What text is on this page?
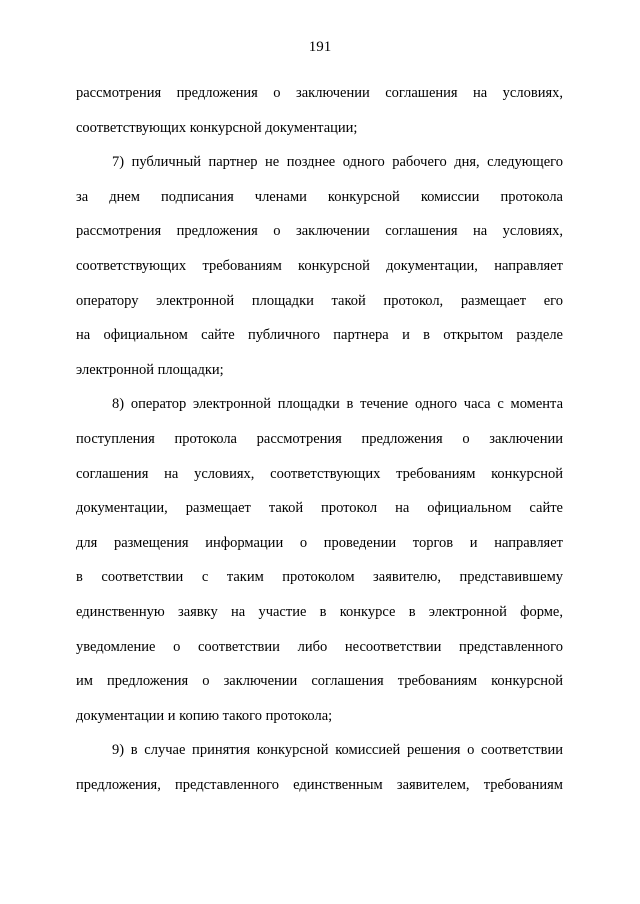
191
рассмотрения предложения о заключении соглашения на условиях,
соответствующих конкурсной документации;
7) публичный партнер не позднее одного рабочего дня, следующего
за днем подписания членами конкурсной комиссии протокола
рассмотрения предложения о заключении соглашения на условиях,
соответствующих требованиям конкурсной документации, направляет
оператору электронной площадки такой протокол, размещает его
на официальном сайте публичного партнера и в открытом разделе
электронной площадки;
8) оператор электронной площадки в течение одного часа с момента
поступления протокола рассмотрения предложения о заключении
соглашения на условиях, соответствующих требованиям конкурсной
документации, размещает такой протокол на официальном сайте
для размещения информации о проведении торгов и направляет
в соответствии с таким протоколом заявителю, представившему
единственную заявку на участие в конкурсе в электронной форме,
уведомление о соответствии либо несоответствии представленного
им предложения о заключении соглашения требованиям конкурсной
документации и копию такого протокола;
9) в случае принятия конкурсной комиссией решения о соответствии
предложения, представленного единственным заявителем, требованиям
